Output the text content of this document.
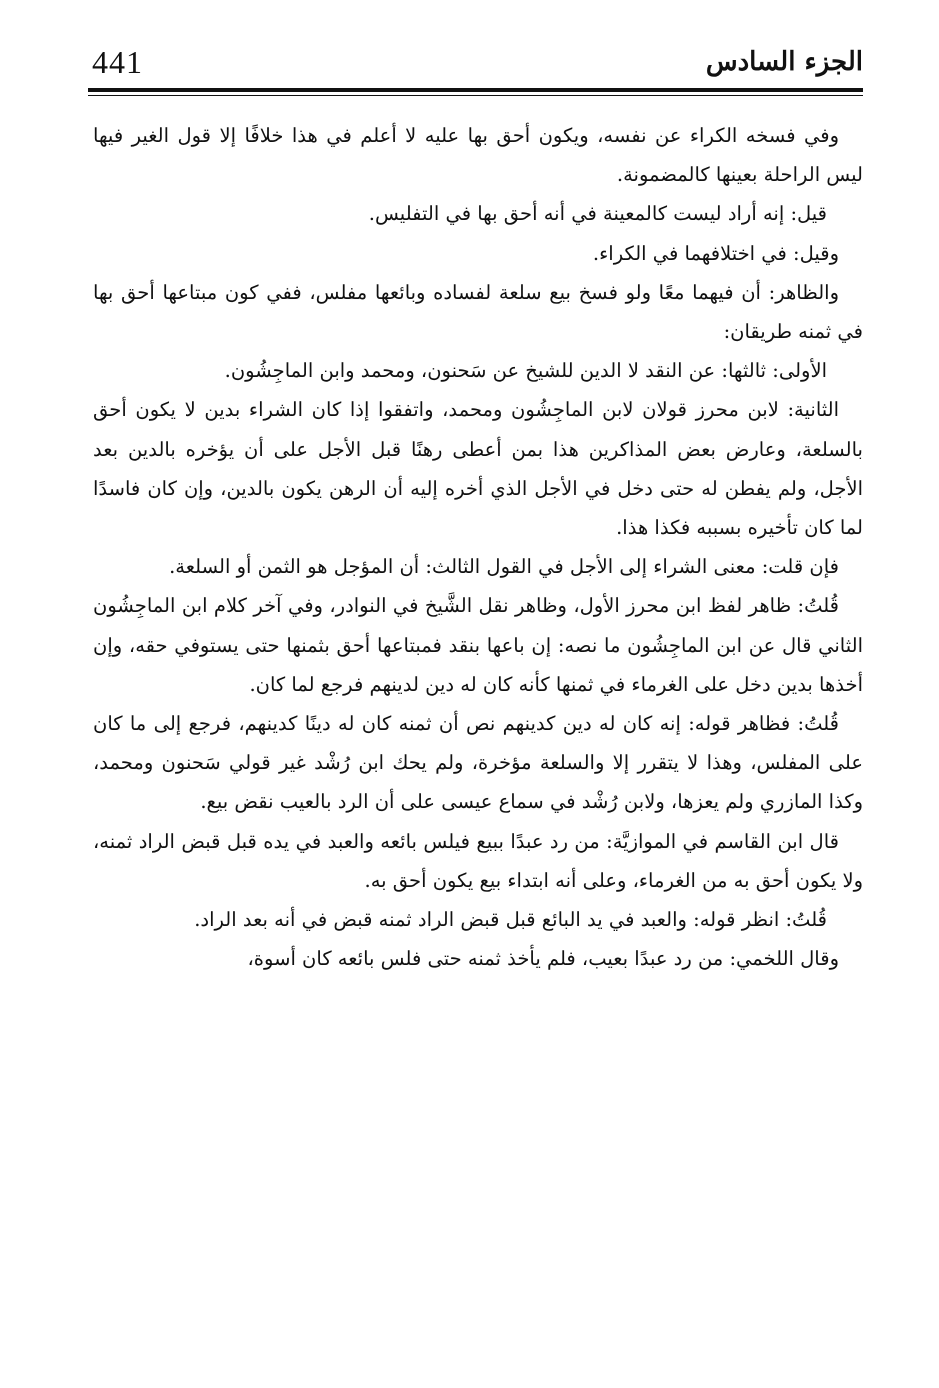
441	الجزء السادس

وفي فسخه الكراء عن نفسه، ويكون أحق بها عليه لا أعلم في هذا خلافًا إلا قول الغير فيها ليس الراحلة بعينها كالمضمونة.

قيل: إنه أراد ليست كالمعينة في أنه أحق بها في التفليس.

وقيل: في اختلافهما في الكراء.

والظاهر: أن فيهما معًا ولو فسخ بيع سلعة لفساده وبائعها مفلس، ففي كون مبتاعها أحق بها في ثمنه طريقان:

الأولى: ثالثها: عن النقد لا الدين للشيخ عن سَحنون، ومحمد وابن الماجِشُون.

الثانية: لابن محرز قولان لابن الماجِشُون ومحمد، واتفقوا إذا كان الشراء بدين لا يكون أحق بالسلعة، وعارض بعض المذاكرين هذا بمن أعطى رهنًا قبل الأجل على أن يؤخره بالدين بعد الأجل، ولم يفطن له حتى دخل في الأجل الذي أخره إليه أن الرهن يكون بالدين، وإن كان فاسدًا لما كان تأخيره بسببه فكذا هذا.

فإن قلت: معنى الشراء إلى الأجل في القول الثالث: أن المؤجل هو الثمن أو السلعة.

قُلتُ: ظاهر لفظ ابن محرز الأول، وظاهر نقل الشَّيخ في النوادر، وفي آخر كلام ابن الماجِشُون الثاني قال عن ابن الماجِشُون ما نصه: إن باعها بنقد فمبتاعها أحق بثمنها حتى يستوفي حقه، وإن أخذها بدين دخل على الغرماء في ثمنها كأنه كان له دين لدينهم فرجع لما كان.

قُلتُ: فظاهر قوله: إنه كان له دين كدينهم نص أن ثمنه كان له دينًا كدينهم، فرجع إلى ما كان على المفلس، وهذا لا يتقرر إلا والسلعة مؤخرة، ولم يحك ابن رُشْد غير قولي سَحنون ومحمد، وكذا المازري ولم يعزها، ولابن رُشْد في سماع عيسى على أن الرد بالعيب نقض بيع.

قال ابن القاسم في الموازيَّة: من رد عبدًا ببيع فيلس بائعه والعبد في يده قبل قبض الراد ثمنه، ولا يكون أحق به من الغرماء، وعلى أنه ابتداء بيع يكون أحق به.

قُلتُ: انظر قوله: والعبد في يد البائع قبل قبض الراد ثمنه قبض في أنه بعد الراد.

وقال اللخمي: من رد عبدًا بعيب، فلم يأخذ ثمنه حتى فلس بائعه كان أسوة،
